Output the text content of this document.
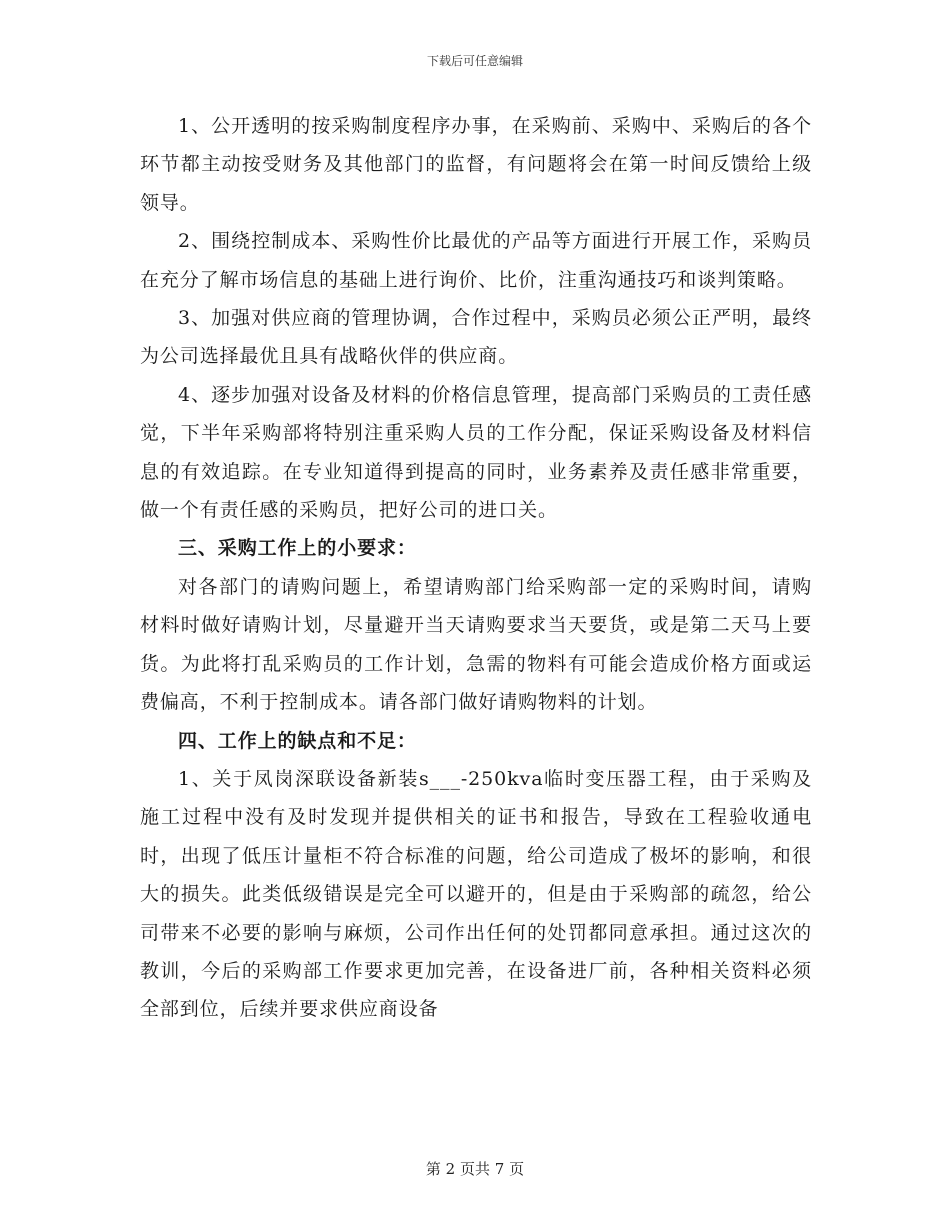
下载后可任意编辑

1、公开透明的按采购制度程序办事，在采购前、采购中、采购后的各个环节都主动按受财务及其他部门的监督，有问题将会在第一时间反馈给上级领导。

2、围绕控制成本、采购性价比最优的产品等方面进行开展工作，采购员在充分了解市场信息的基础上进行询价、比价，注重沟通技巧和谈判策略。

3、加强对供应商的管理协调，合作过程中，采购员必须公正严明，最终为公司选择最优且具有战略伙伴的供应商。

4、逐步加强对设备及材料的价格信息管理，提高部门采购员的工责任感觉，下半年采购部将特别注重采购人员的工作分配，保证采购设备及材料信息的有效追踪。在专业知道得到提高的同时，业务素养及责任感非常重要，做一个有责任感的采购员，把好公司的进口关。

三、采购工作上的小要求：

对各部门的请购问题上，希望请购部门给采购部一定的采购时间，请购材料时做好请购计划，尽量避开当天请购要求当天要货，或是第二天马上要货。为此将打乱采购员的工作计划，急需的物料有可能会造成价格方面或运费偏高，不利于控制成本。请各部门做好请购物料的计划。

四、工作上的缺点和不足：

1、关于凤岗深联设备新装s___-250kva临时变压器工程，由于采购及施工过程中没有及时发现并提供相关的证书和报告，导致在工程验收通电时，出现了低压计量柜不符合标准的问题，给公司造成了极坏的影响，和很大的损失。此类低级错误是完全可以避开的，但是由于采购部的疏忽，给公司带来不必要的影响与麻烦，公司作出任何的处罚都同意承担。通过这次的教训，今后的采购部工作要求更加完善，在设备进厂前，各种相关资料必须全部到位，后续并要求供应商设备

第 2 页共 7 页
